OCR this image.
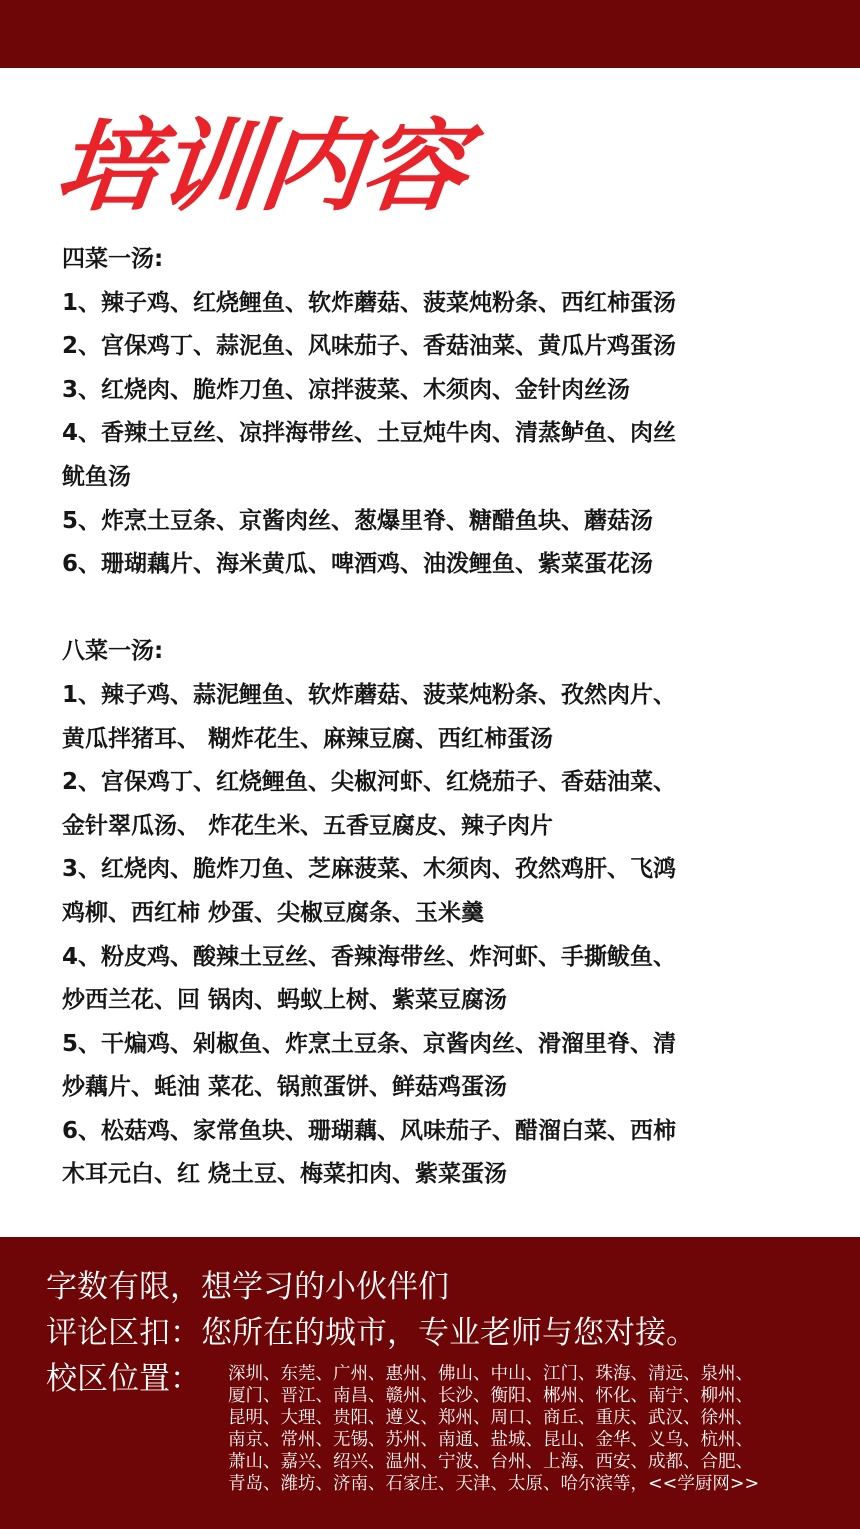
培训内容
四菜一汤:
1、辣子鸡、红烧鲤鱼、软炸蘑菇、菠菜炖粉条、西红柿蛋汤
2、宫保鸡丁、蒜泥鱼、风味茄子、香菇油菜、黄瓜片鸡蛋汤
3、红烧肉、脆炸刀鱼、凉拌菠菜、木须肉、金针肉丝汤
4、香辣土豆丝、凉拌海带丝、土豆炖牛肉、清蒸鲈鱼、肉丝
鱿鱼汤
5、炸烹土豆条、京酱肉丝、葱爆里脊、糖醋鱼块、蘑菇汤
6、珊瑚藕片、海米黄瓜、啤酒鸡、油泼鲤鱼、紫菜蛋花汤
八菜一汤:
1、辣子鸡、蒜泥鲤鱼、软炸蘑菇、菠菜炖粉条、孜然肉片、
黄瓜拌猪耳、 糊炸花生、麻辣豆腐、西红柿蛋汤
2、宫保鸡丁、红烧鲤鱼、尖椒河虾、红烧茄子、香菇油菜、
金针翠瓜汤、 炸花生米、五香豆腐皮、辣子肉片
3、红烧肉、脆炸刀鱼、芝麻菠菜、木须肉、孜然鸡肝、飞鸿
鸡柳、西红柿 炒蛋、尖椒豆腐条、玉米羹
4、粉皮鸡、酸辣土豆丝、香辣海带丝、炸河虾、手撕鲅鱼、
炒西兰花、回 锅肉、蚂蚁上树、紫菜豆腐汤
5、干煸鸡、剁椒鱼、炸烹土豆条、京酱肉丝、滑溜里脊、清
炒藕片、蚝油 菜花、锅煎蛋饼、鲜菇鸡蛋汤
6、松菇鸡、家常鱼块、珊瑚藕、风味茄子、醋溜白菜、西柿
木耳元白、红 烧土豆、梅菜扣肉、紫菜蛋汤
字数有限，想学习的小伙伴们
评论区扣：您所在的城市，专业老师与您对接。
校区位置： 深圳、东莞、广州、惠州、佛山、中山、江门、珠海、清远、泉州、
厦门、晋江、南昌、赣州、长沙、衡阳、郴州、怀化、南宁、柳州、
昆明、大理、贵阳、遵义、郑州、周口、商丘、重庆、武汉、徐州、
南京、常州、无锡、苏州、南通、盐城、昆山、金华、义乌、杭州、
萧山、嘉兴、绍兴、温州、宁波、台州、上海、西安、成都、合肥、
青岛、潍坊、济南、石家庄、天津、太原、哈尔滨等，<<学厨网>>
